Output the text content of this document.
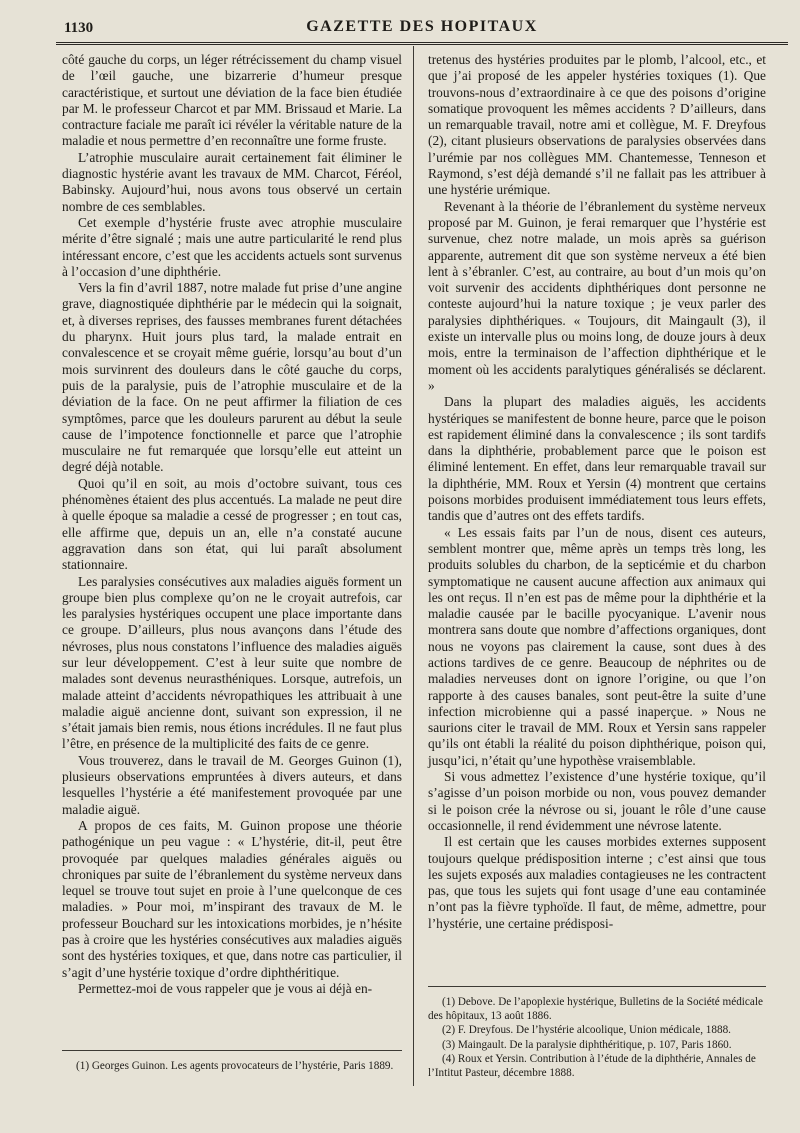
1130	GAZETTE DES HOPITAUX

côté gauche du corps, un léger rétrécissement du champ visuel de l’œil gauche, une bizarrerie d’humeur presque caractéristique, et surtout une déviation de la face bien étudiée par M. le professeur Charcot et par MM. Brissaud et Marie. La contracture faciale me paraît ici révéler la véritable nature de la maladie et nous permettre d’en reconnaître une forme fruste.

L’atrophie musculaire aurait certainement fait éliminer le diagnostic hystérie avant les travaux de MM. Charcot, Féréol, Babinsky. Aujourd’hui, nous avons tous observé un certain nombre de ces semblables.

Cet exemple d’hystérie fruste avec atrophie musculaire mérite d’être signalé ; mais une autre particularité le rend plus intéressant encore, c’est que les accidents actuels sont survenus à l’occasion d’une diphthérie.

Vers la fin d’avril 1887, notre malade fut prise d’une angine grave, diagnostiquée diphthérie par le médecin qui la soignait, et, à diverses reprises, des fausses membranes furent détachées du pharynx. Huit jours plus tard, la malade entrait en convalescence et se croyait même guérie, lorsqu’au bout d’un mois survinrent des douleurs dans le côté gauche du corps, puis de la paralysie, puis de l’atrophie musculaire et de la déviation de la face. On ne peut affirmer la filiation de ces symptômes, parce que les douleurs parurent au début la seule cause de l’impotence fonctionnelle et parce que l’atrophie musculaire ne fut remarquée que lorsqu’elle eut atteint un degré déjà notable.

Quoi qu’il en soit, au mois d’octobre suivant, tous ces phénomènes étaient des plus accentués. La malade ne peut dire à quelle époque sa maladie a cessé de progresser ; en tout cas, elle affirme que, depuis un an, elle n’a constaté aucune aggravation dans son état, qui lui paraît absolument stationnaire.

Les paralysies consécutives aux maladies aiguës forment un groupe bien plus complexe qu’on ne le croyait autrefois, car les paralysies hystériques occupent une place importante dans ce groupe. D’ailleurs, plus nous avançons dans l’étude des névroses, plus nous constatons l’influence des maladies aiguës sur leur développement. C’est à leur suite que nombre de malades sont devenus neurasthéniques. Lorsque, autrefois, un malade atteint d’accidents névropathiques les attribuait à une maladie aiguë ancienne dont, suivant son expression, il ne s’était jamais bien remis, nous étions incrédules. Il ne faut plus l’être, en présence de la multiplicité des faits de ce genre.

Vous trouverez, dans le travail de M. Georges Guinon (1), plusieurs observations empruntées à divers auteurs, et dans lesquelles l’hystérie a été manifestement provoquée par une maladie aiguë.

A propos de ces faits, M. Guinon propose une théorie pathogénique un peu vague : « L’hystérie, dit-il, peut être provoquée par quelques maladies générales aiguës ou chroniques par suite de l’ébranlement du système nerveux dans lequel se trouve tout sujet en proie à l’une quelconque de ces maladies. » Pour moi, m’inspirant des travaux de M. le professeur Bouchard sur les intoxications morbides, je n’hésite pas à croire que les hystéries consécutives aux maladies aiguës sont des hystéries toxiques, et que, dans notre cas particulier, il s’agit d’une hystérie toxique d’ordre diphthéritique.

Permettez-moi de vous rappeler que je vous ai déjà en-

(1) Georges Guinon. Les agents provocateurs de l’hystérie, Paris 1889.

tretenus des hystéries produites par le plomb, l’alcool, etc., et que j’ai proposé de les appeler hystéries toxiques (1). Que trouvons-nous d’extraordinaire à ce que des poisons d’origine somatique provoquent les mêmes accidents ? D’ailleurs, dans un remarquable travail, notre ami et collègue, M. F. Dreyfous (2), citant plusieurs observations de paralysies observées dans l’urémie par nos collègues MM. Chantemesse, Tenneson et Raymond, s’est déjà demandé s’il ne fallait pas les attribuer à une hystérie urémique.

Revenant à la théorie de l’ébranlement du système nerveux proposé par M. Guinon, je ferai remarquer que l’hystérie est survenue, chez notre malade, un mois après sa guérison apparente, autrement dit que son système nerveux a été bien lent à s’ébranler. C’est, au contraire, au bout d’un mois qu’on voit survenir des accidents diphthériques dont personne ne conteste aujourd’hui la nature toxique ; je veux parler des paralysies diphthériques. « Toujours, dit Maingault (3), il existe un intervalle plus ou moins long, de douze jours à deux mois, entre la terminaison de l’affection diphthérique et le moment où les accidents paralytiques généralisés se déclarent. »

Dans la plupart des maladies aiguës, les accidents hystériques se manifestent de bonne heure, parce que le poison est rapidement éliminé dans la convalescence ; ils sont tardifs dans la diphthérie, probablement parce que le poison est éliminé lentement. En effet, dans leur remarquable travail sur la diphthérie, MM. Roux et Yersin (4) montrent que certains poisons morbides produisent immédiatement tous leurs effets, tandis que d’autres ont des effets tardifs.

« Les essais faits par l’un de nous, disent ces auteurs, semblent montrer que, même après un temps très long, les produits solubles du charbon, de la septicémie et du charbon symptomatique ne causent aucune affection aux animaux qui les ont reçus. Il n’en est pas de même pour la diphthérie et la maladie causée par le bacille pyocyanique. L’avenir nous montrera sans doute que nombre d’affections organiques, dont nous ne voyons pas clairement la cause, sont dues à des actions tardives de ce genre. Beaucoup de néphrites ou de maladies nerveuses dont on ignore l’origine, ou que l’on rapporte à des causes banales, sont peut-être la suite d’une infection microbienne qui a passé inaperçue. » Nous ne saurions citer le travail de MM. Roux et Yersin sans rappeler qu’ils ont établi la réalité du poison diphthérique, poison qui, jusqu’ici, n’était qu’une hypothèse vraisemblable.

Si vous admettez l’existence d’une hystérie toxique, qu’il s’agisse d’un poison morbide ou non, vous pouvez demander si le poison crée la névrose ou si, jouant le rôle d’une cause occasionnelle, il rend évidemment une névrose latente.

Il est certain que les causes morbides externes supposent toujours quelque prédisposition interne ; c’est ainsi que tous les sujets exposés aux maladies contagieuses ne les contractent pas, que tous les sujets qui font usage d’une eau contaminée n’ont pas la fièvre typhoïde. Il faut, de même, admettre, pour l’hystérie, une certaine prédisposi-

(1) Debove. De l’apoplexie hystérique, Bulletins de la Société médicale des hôpitaux, 13 août 1886.

(2) F. Dreyfous. De l’hystérie alcoolique, Union médicale, 1888.

(3) Maingault. De la paralysie diphthéritique, p. 107, Paris 1860.

(4) Roux et Yersin. Contribution à l’étude de la diphthérie, Annales de l’Intitut Pasteur, décembre 1888.
